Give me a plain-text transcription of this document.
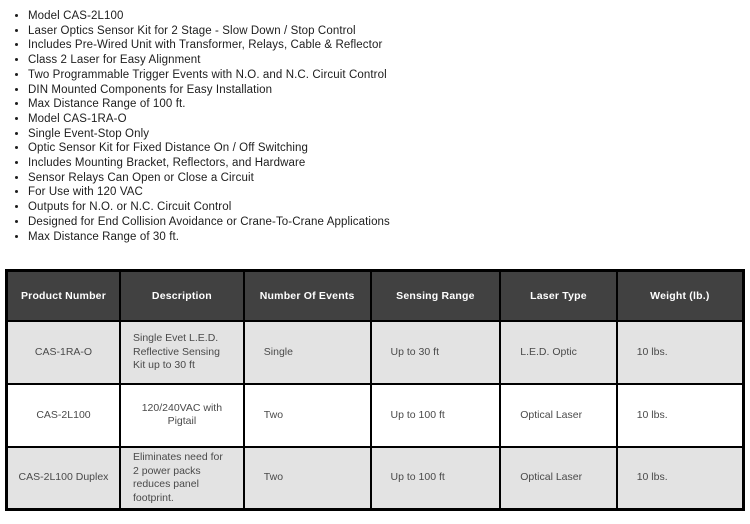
• Model CAS-2L100
• Laser Optics Sensor Kit for 2 Stage - Slow Down / Stop Control
• Includes Pre-Wired Unit with Transformer, Relays, Cable & Reflector
• Class 2 Laser for Easy Alignment
• Two Programmable Trigger Events with N.O. and N.C. Circuit Control
• DIN Mounted Components for Easy Installation
• Max Distance Range of 100 ft.
• Model CAS-1RA-O
• Single Event-Stop Only
• Optic Sensor Kit for Fixed Distance On / Off Switching
• Includes Mounting Bracket, Reflectors, and Hardware
• Sensor Relays Can Open or Close a Circuit
• For Use with 120 VAC
• Outputs for N.O. or N.C. Circuit Control
• Designed for End Collision Avoidance or Crane-To-Crane Applications
• Max Distance Range of 30 ft.
Product Number	Description	Number Of Events	Sensing Range	Laser Type	Weight (lb.)
CAS-1RA-O	Single Evet L.E.D. Reflective Sensing Kit up to 30 ft	Single	Up to 30 ft	L.E.D. Optic	10 lbs.
CAS-2L100	120/240VAC with Pigtail	Two	Up to 100 ft	Optical Laser	10 lbs.
CAS-2L100 Duplex	Eliminates need for 2 power packs reduces panel footprint.	Two	Up to 100 ft	Optical Laser	10 lbs.
